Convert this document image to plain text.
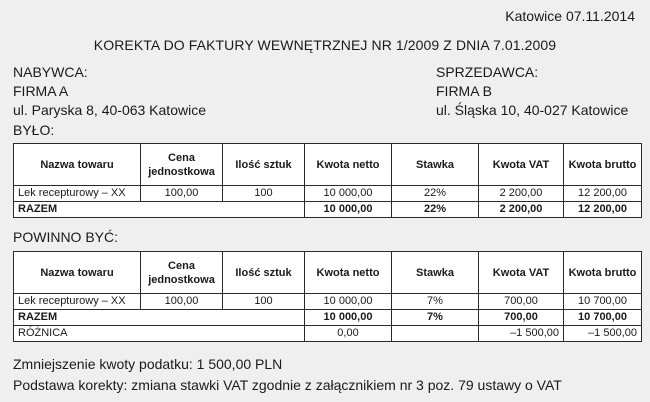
Katowice 07.11.2014
KOREKTA DO FAKTURY WEWNĘTRZNEJ NR 1/2009 Z DNIA 7.01.2009
NABYWCA:
FIRMA A
ul. Paryska 8, 40-063 Katowice
SPRZEDAWCA:
FIRMA B
ul. Śląska 10, 40-027 Katowice
BYŁO:
Nazwa towaru	Cena jednostkowa	Ilość sztuk	Kwota netto	Stawka	Kwota VAT	Kwota brutto
Lek recepturowy – XX	100,00	100	10 000,00	22%	2 200,00	12 200,00
RAZEM			10 000,00	22%	2 200,00	12 200,00
POWINNO BYĆ:
Nazwa towaru	Cena jednostkowa	Ilość sztuk	Kwota netto	Stawka	Kwota VAT	Kwota brutto
Lek recepturowy – XX	100,00	100	10 000,00	7%	700,00	10 700,00
RAZEM			10 000,00	7%	700,00	10 700,00
RÓŻNICA			0,00		–1 500,00	–1 500,00
Zmniejszenie kwoty podatku: 1 500,00 PLN
Podstawa korekty: zmiana stawki VAT zgodnie z załącznikiem nr 3 poz. 79 ustawy o VAT
